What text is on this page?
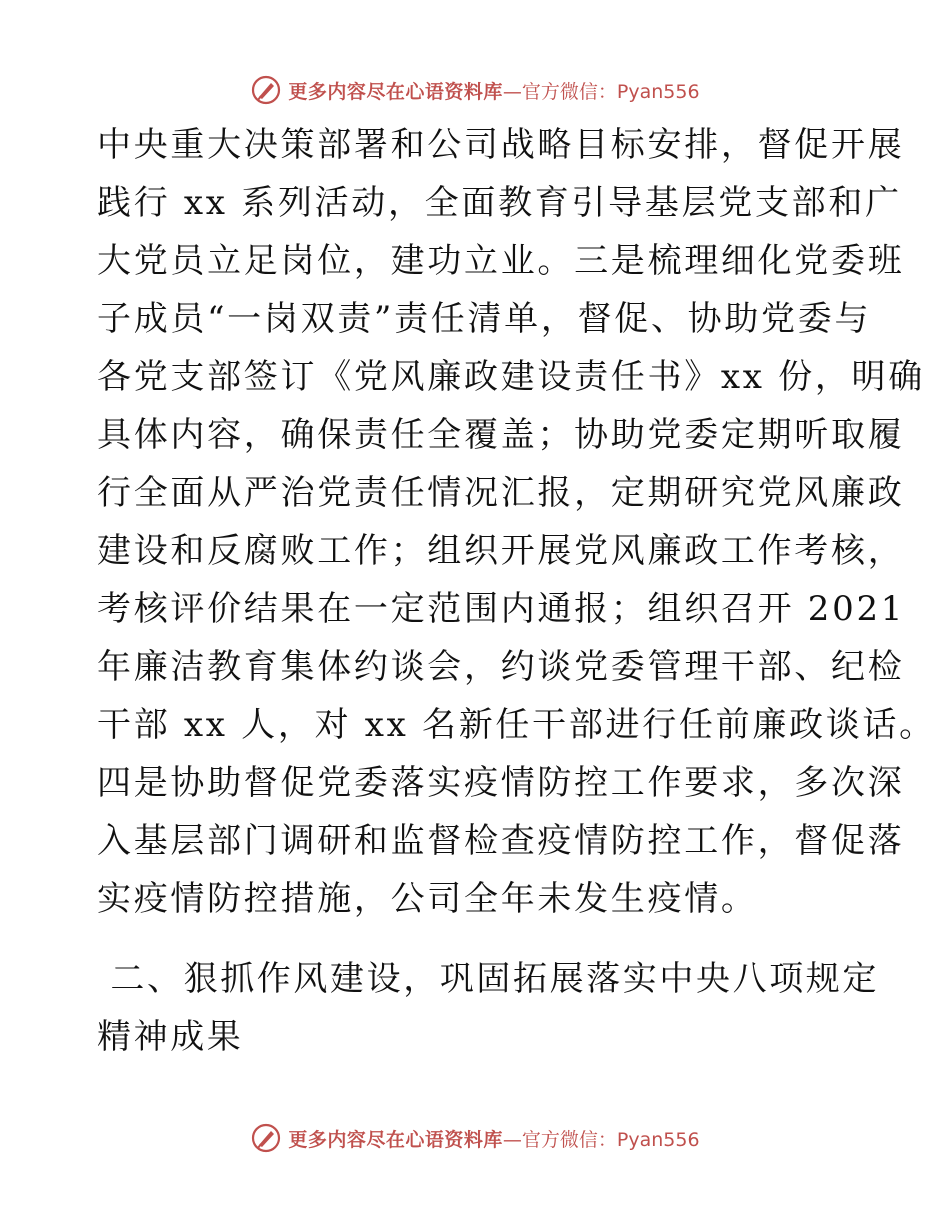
更多内容尽在心语资料库 —官方微信：Pyan556
中央重大决策部署和公司战略目标安排，督促开展
践行 xx 系列活动，全面教育引导基层党支部和广
大党员立足岗位，建功立业。三是梳理细化党委班
子成员“一岗双责”责任清单，督促、协助党委与
各党支部签订《党风廉政建设责任书》xx 份，明确
具体内容，确保责任全覆盖；协助党委定期听取履
行全面从严治党责任情况汇报，定期研究党风廉政
建设和反腐败工作；组织开展党风廉政工作考核，
考核评价结果在一定范围内通报；组织召开 2021
年廉洁教育集体约谈会，约谈党委管理干部、纪检
干部 xx 人，对 xx 名新任干部进行任前廉政谈话。
四是协助督促党委落实疫情防控工作要求，多次深
入基层部门调研和监督检查疫情防控工作，督促落
实疫情防控措施，公司全年未发生疫情。
二、狠抓作风建设，巩固拓展落实中央八项规定
精神成果
更多内容尽在心语资料库 —官方微信：Pyan556
